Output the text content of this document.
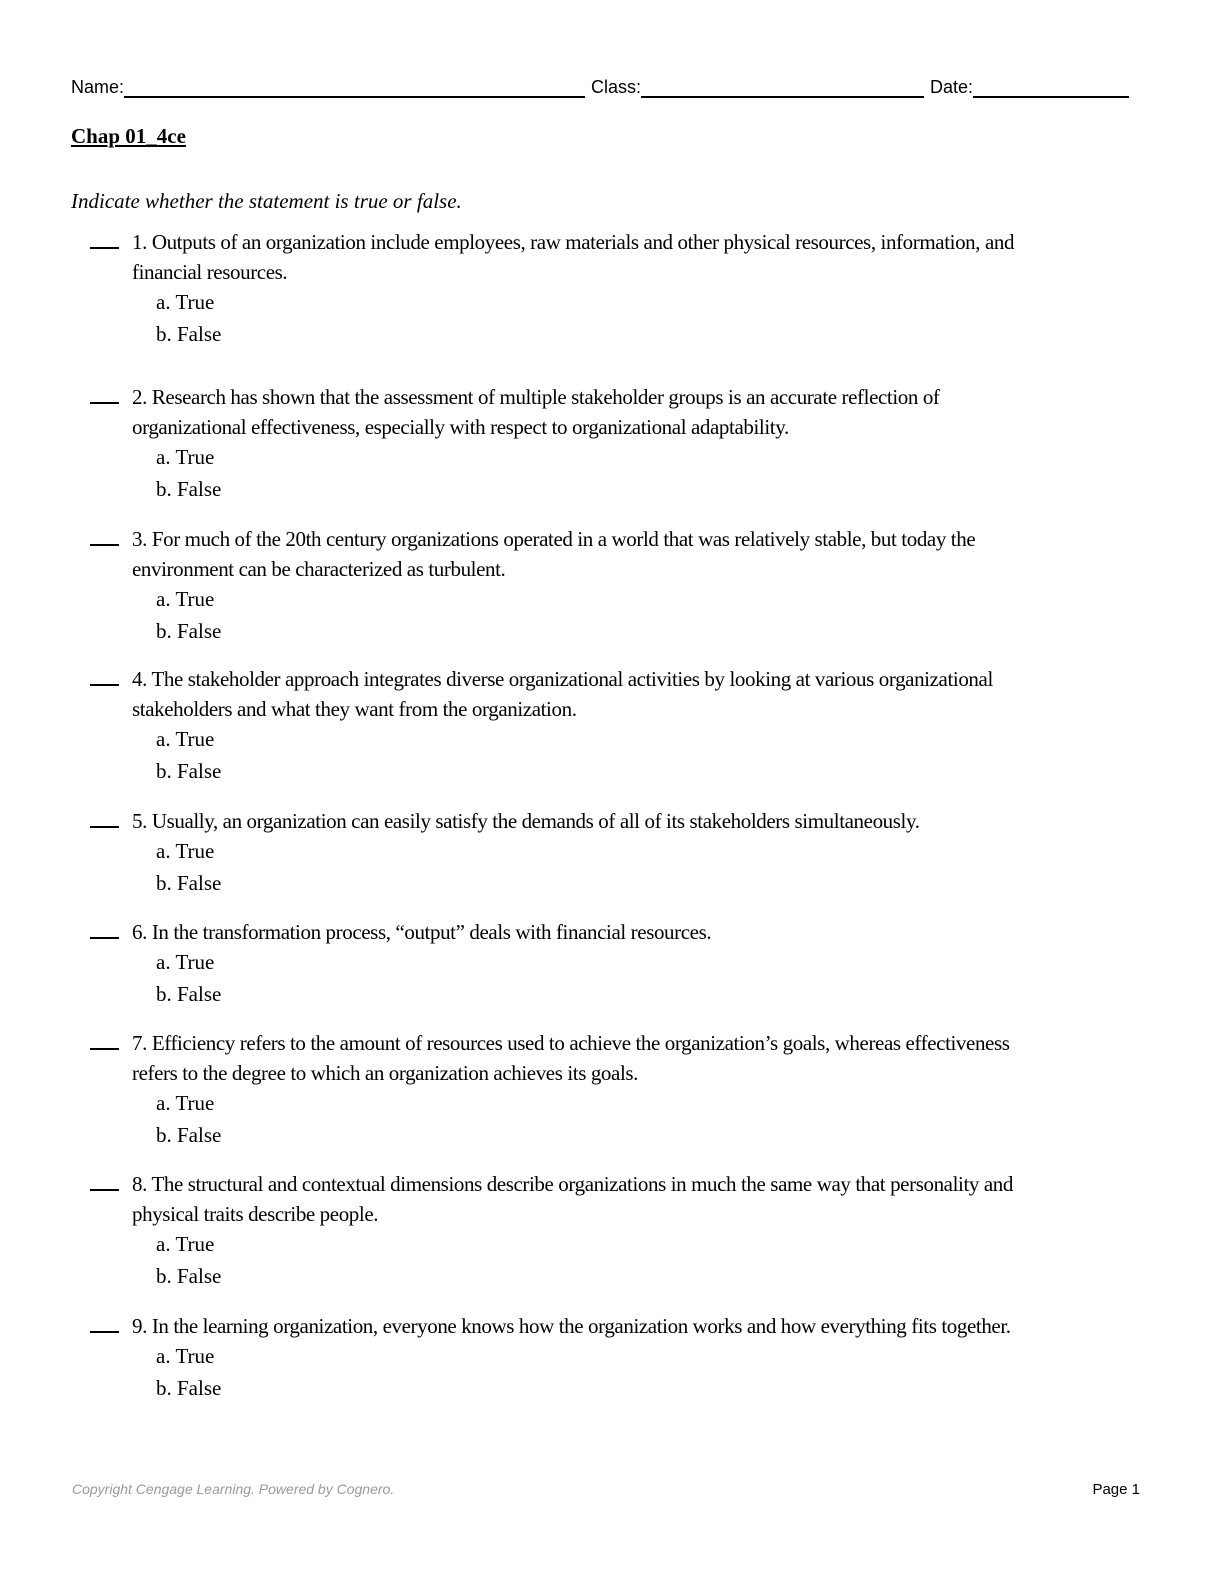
Name:	Class:	Date:
Chap 01_4ce
Indicate whether the statement is true or false.
1. Outputs of an organization include employees, raw materials and other physical resources, information, and
financial resources.
a. True
b. False
2. Research has shown that the assessment of multiple stakeholder groups is an accurate reflection of
organizational effectiveness, especially with respect to organizational adaptability.
a. True
b. False
3. For much of the 20th century organizations operated in a world that was relatively stable, but today the
environment can be characterized as turbulent.
a. True
b. False
4. The stakeholder approach integrates diverse organizational activities by looking at various organizational
stakeholders and what they want from the organization.
a. True
b. False
5. Usually, an organization can easily satisfy the demands of all of its stakeholders simultaneously.
a. True
b. False
6. In the transformation process, “output” deals with financial resources.
a. True
b. False
7. Efficiency refers to the amount of resources used to achieve the organization’s goals, whereas effectiveness
refers to the degree to which an organization achieves its goals.
a. True
b. False
8. The structural and contextual dimensions describe organizations in much the same way that personality and
physical traits describe people.
a. True
b. False
9. In the learning organization, everyone knows how the organization works and how everything fits together.
a. True
b. False
Copyright Cengage Learning. Powered by Cognero.	Page 1
